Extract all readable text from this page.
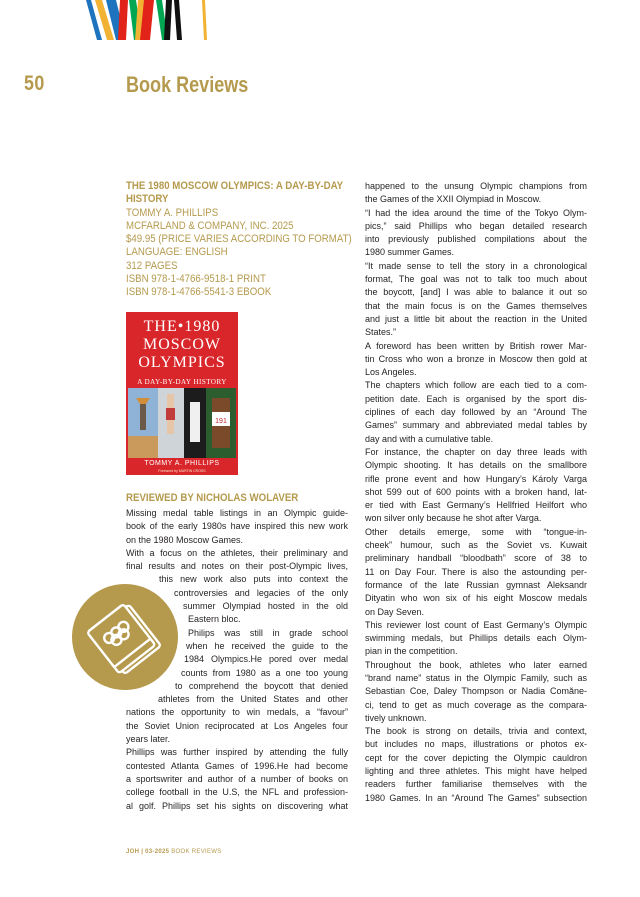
50	Book Reviews
THE 1980 MOSCOW OLYMPICS: A DAY-BY-DAY
HISTORY
TOMMY A. PHILLIPS
MCFARLAND & COMPANY, INC. 2025
$49.95 (PRICE VARIES ACCORDING TO FORMAT)
LANGUAGE: ENGLISH
312 PAGES
ISBN 978-1-4766-9518-1 PRINT
ISBN 978-1-4766-5541-3 EBOOK
THE•1980
MOSCOW
OLYMPICS
A DAY-BY-DAY HISTORY
191
TOMMY A. PHILLIPS
Foreword by MARTIN CROSS
REVIEWED BY NICHOLAS WOLAVER
Missing medal table listings in an Olympic guide-
book of the early 1980s have inspired this new work
on the 1980 Moscow Games.
With a focus on the athletes, their preliminary and
final results and notes on their post-Olympic lives,
this new work also puts into context the
controversies and legacies of the only
summer Olympiad hosted in the old
Eastern bloc.
Philips was still in grade school
when he received the guide to the
1984 Olympics.He pored over medal
counts from 1980 as a one too young
to comprehend the boycott that denied
athletes from the United States and other
nations the opportunity to win medals, a “favour”
the Soviet Union reciprocated at Los Angeles four
years later.
Phillips was further inspired by attending the fully
contested Atlanta Games of 1996.He had become
a sportswriter and author of a number of books on
college football in the U.S, the NFL and profession-
al golf. Phillips set his sights on discovering what
happened to the unsung Olympic champions from
the Games of the XXII Olympiad in Moscow.
“I had the idea around the time of the Tokyo Olym-
pics,” said Phillips who began detailed research
into previously published compilations about the
1980 summer Games.
“It made sense to tell the story in a chronological
format, The goal was not to talk too much about
the boycott, [and] I was able to balance it out so
that the main focus is on the Games themselves
and just a little bit about the reaction in the United
States.”
A foreword has been written by British rower Mar-
tin Cross who won a bronze in Moscow then gold at
Los Angeles.
The chapters which follow are each tied to a com-
petition date. Each is organised by the sport dis-
ciplines of each day followed by an “Around The
Games” summary and abbreviated medal tables by
day and with a cumulative table.
For instance, the chapter on day three leads with
Olympic shooting. It has details on the smallbore
rifle prone event and how Hungary’s Károly Varga
shot 599 out of 600 points with a broken hand, lat-
er tied with East Germany’s Hellfried Heilfort who
won silver only because he shot after Varga.
Other details emerge, some with “tongue-in-
cheek” humour, such as the Soviet vs. Kuwait
preliminary handball “bloodbath” score of 38 to
11 on Day Four. There is also the astounding per-
formance of the late Russian gymnast Aleksandr
Dityatin who won six of his eight Moscow medals
on Day Seven.
This reviewer lost count of East Germany’s Olympic
swimming medals, but Phillips details each Olym-
pian in the competition.
Throughout the book, athletes who later earned
“brand name” status in the Olympic Family, such as
Sebastian Coe, Daley Thompson or Nadia Comăne-
ci, tend to get as much coverage as the compara-
tively unknown.
The book is strong on details, trivia and context,
but includes no maps, illustrations or photos ex-
cept for the cover depicting the Olympic cauldron
lighting and three athletes. This might have helped
readers further familiarise themselves with the
1980 Games. In an “Around The Games” subsection
JOH | 03-2025 BOOK REVIEWS
